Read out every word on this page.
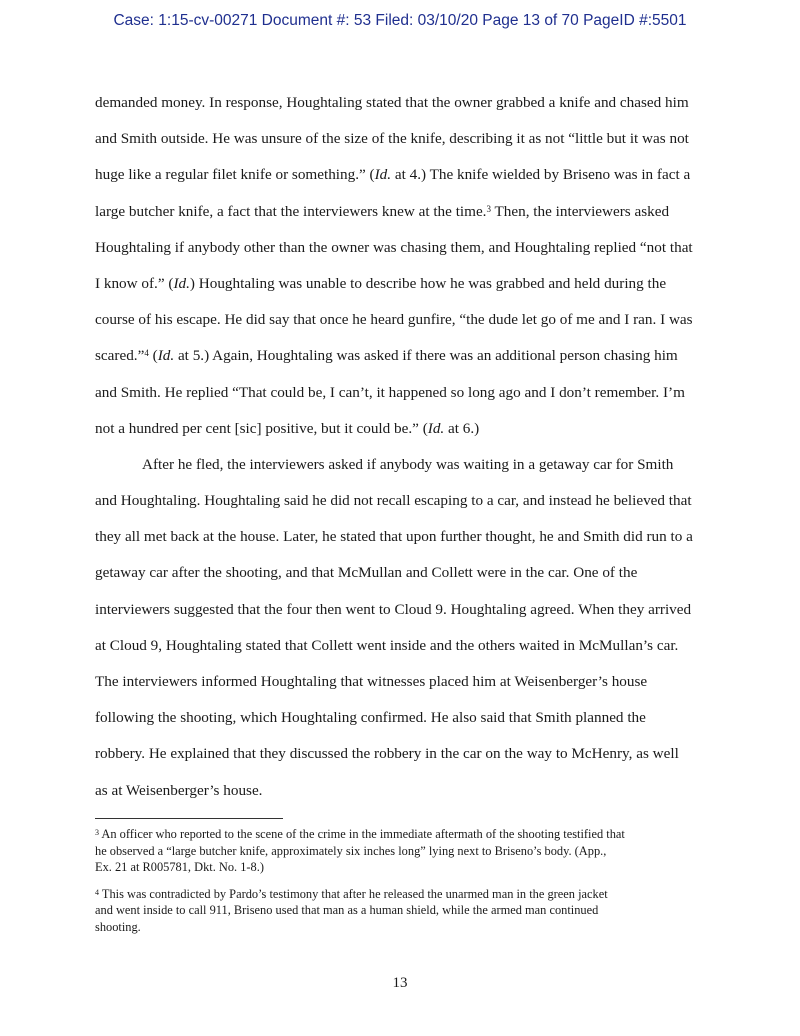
Case: 1:15-cv-00271 Document #: 53 Filed: 03/10/20 Page 13 of 70 PageID #:5501
demanded money. In response, Houghtaling stated that the owner grabbed a knife and chased him
and Smith outside. He was unsure of the size of the knife, describing it as not “little but it was not
huge like a regular filet knife or something.” (Id. at 4.) The knife wielded by Briseno was in fact a
large butcher knife, a fact that the interviewers knew at the time.$^3$ Then, the interviewers asked
Houghtaling if anybody other than the owner was chasing them, and Houghtaling replied “not that
I know of.” (Id.) Houghtaling was unable to describe how he was grabbed and held during the
course of his escape. He did say that once he heard gunfire, “the dude let go of me and I ran. I was
scared.”$^4$ (Id. at 5.) Again, Houghtaling was asked if there was an additional person chasing him
and Smith. He replied “That could be, I can’t, it happened so long ago and I don’t remember. I’m
not a hundred per cent [sic] positive, but it could be.” (Id. at 6.)
After he fled, the interviewers asked if anybody was waiting in a getaway car for Smith
and Houghtaling. Houghtaling said he did not recall escaping to a car, and instead he believed that
they all met back at the house. Later, he stated that upon further thought, he and Smith did run to a
getaway car after the shooting, and that McMullan and Collett were in the car. One of the
interviewers suggested that the four then went to Cloud 9. Houghtaling agreed. When they arrived
at Cloud 9, Houghtaling stated that Collett went inside and the others waited in McMullan’s car.
The interviewers informed Houghtaling that witnesses placed him at Weisenberger’s house
following the shooting, which Houghtaling confirmed. He also said that Smith planned the
robbery. He explained that they discussed the robbery in the car on the way to McHenry, as well
as at Weisenberger’s house.
$^3$ An officer who reported to the scene of the crime in the immediate aftermath of the shooting testified that
he observed a “large butcher knife, approximately six inches long” lying next to Briseno’s body. (App.,
Ex. 21 at R005781, Dkt. No. 1-8.)
$^4$ This was contradicted by Pardo’s testimony that after he released the unarmed man in the green jacket
and went inside to call 911, Briseno used that man as a human shield, while the armed man continued
shooting.
13
